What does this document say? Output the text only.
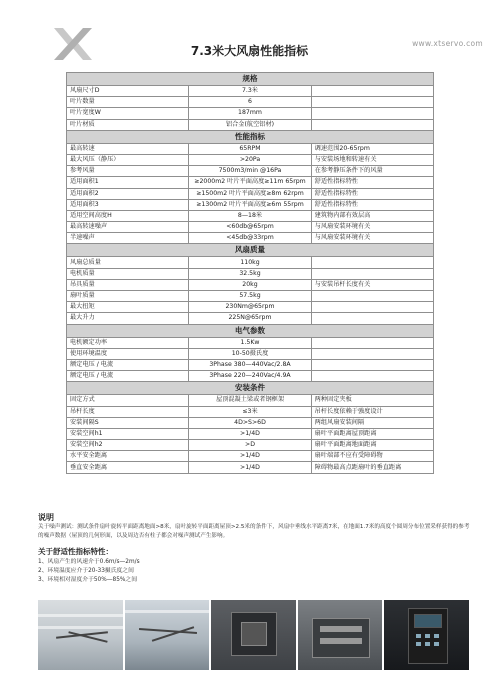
www.xtservo.com
7.3米大风扇性能指标
规格		
风扇尺寸D	7.3米	
叶片数量	6	
叶片宽度W	187mm	
叶片材质	铝合金(航空铝材)	
性能指标		
最高转速	65RPM	调速范围20-65rpm
最大风压（静压）	>20Pa	与安装场地和转速有关
参考风量	7500m3/min @16Pa	在参考静压条件下的风量
适用面积1	≥2000m2 叶片平面高度≥11m 65rpm	舒适性指标特性
适用面积2	≥1500m2 叶片平面高度≥8m 62rpm	舒适性指标特性
适用面积3	≥1300m2 叶片平面高度≥6m 55rpm	舒适性指标特性
适用空间高度H	8—18米	建筑物内部有效层高
最高转速噪声	<60db@65rpm	与风扇安装环境有关
半速噪声	<45db@33rpm	与风扇安装环境有关
风扇质量		
风扇总质量	110kg	
电机质量	32.5kg	
吊具质量	20kg	与安装吊杆长度有关
扇叶质量	57.5kg	
最大扭矩	230Nm@65rpm	
最大升力	225N@65rpm	
电气参数		
电机额定功率	1.5Kw	
使用环境温度	10-50摄氏度	
额定电压 / 电流	3Phase 380—440Vac/2.8A	
额定电压 / 电流	3Phase 220—240Vac/4.9A	
安装条件		
固定方式	屋顶混凝土梁或者钢框架	两种固定夹板
吊杆长度	≤3米	吊杆长度依赖于強度设计
安装间隔S	4D>S>6D	两组风扇安装间隔
安装空间h1	>1/4D	扇叶平面距离屋顶距离
安装空间h2	>D	扇叶平面距离地面距离
水平安全距离	>1/4D	扇叶端部不应有受障碍物
垂直安全距离	>1/4D	障碍物最高点距扇叶的垂直距离
说明
关于噪声测试：测试条件扇叶旋转平面距离地面>8米，扇叶旋转平面距离屋顶>2.5米的条件下，风扇中垂线水平距离7米，在地面1.7米的高度个圆周分布位置采样获得的参考的噪声数据（屋顶的几何形面，以及周边否有柱子都会对噪声测试产生影响。
关于舒适性指标特性：
1、风扇产生的风速介于0.6m/s—2m/s
2、环境温度应介于20-33摄氏度之间
3、环境相对湿度介于50%—85%之间
